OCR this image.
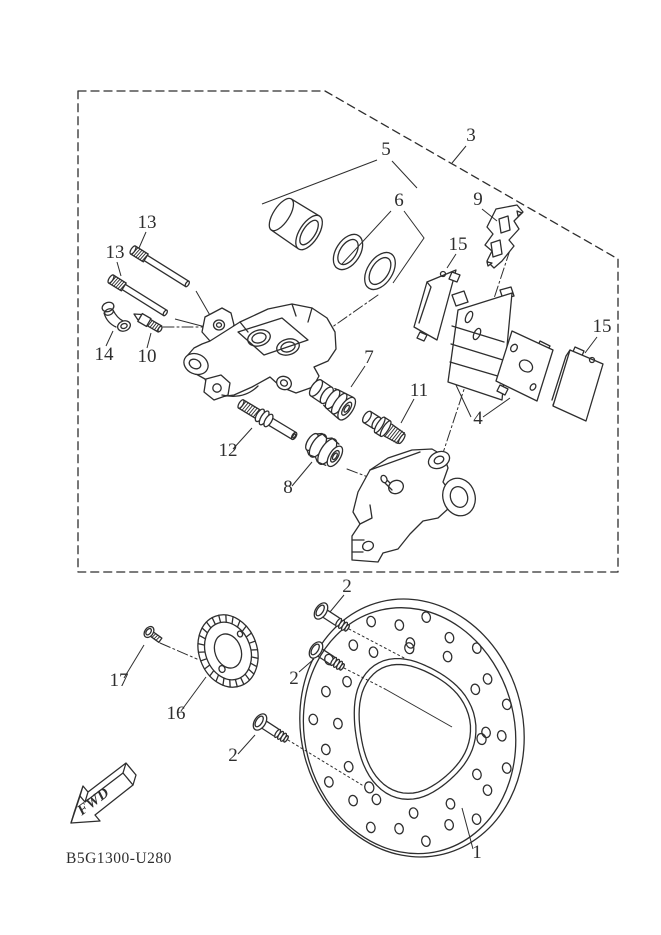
FWD
B5G1300-U280
13
13
14 10
5
6
3
9
15
15
7
11
4
12
8
2
2
2
17
16
1
